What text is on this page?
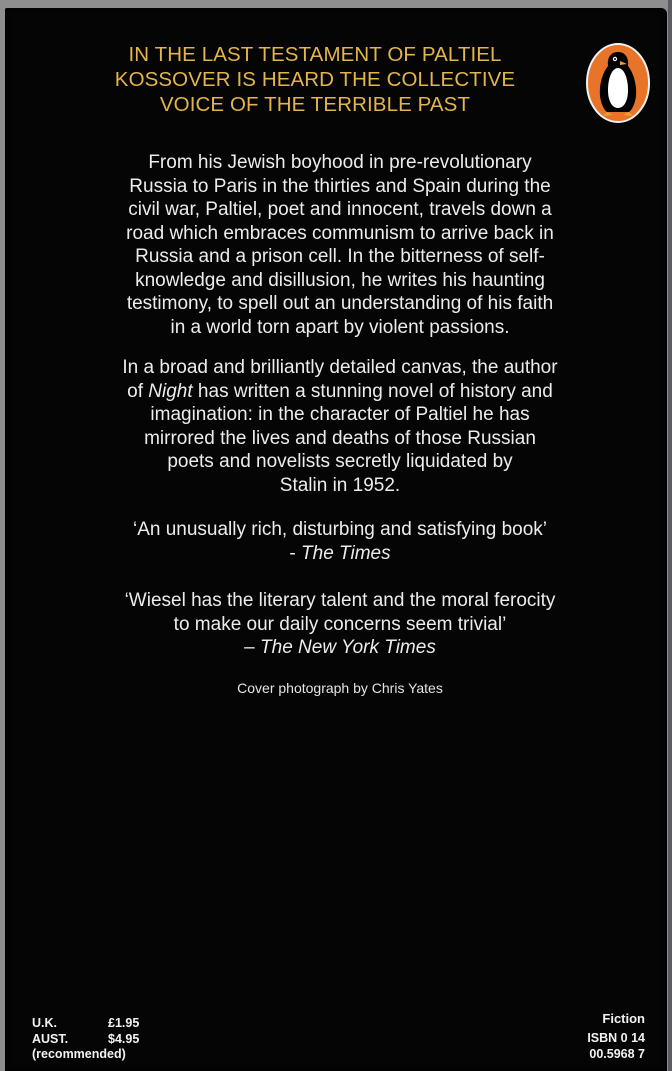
IN THE LAST TESTAMENT OF PALTIEL
KOSSOVER IS HEARD THE COLLECTIVE
VOICE OF THE TERRIBLE PAST
From his Jewish boyhood in pre-revolutionary
Russia to Paris in the thirties and Spain during the
civil war, Paltiel, poet and innocent, travels down a
road which embraces communism to arrive back in
Russia and a prison cell. In the bitterness of self-
knowledge and disillusion, he writes his haunting
testimony, to spell out an understanding of his faith
in a world torn apart by violent passions.
In a broad and brilliantly detailed canvas, the author
of Night has written a stunning novel of history and
imagination: in the character of Paltiel he has
mirrored the lives and deaths of those Russian
poets and novelists secretly liquidated by
Stalin in 1952.
‘An unusually rich, disturbing and satisfying book’
- The Times
‘Wiesel has the literary talent and the moral ferocity
to make our daily concerns seem trivial’
– The New York Times
Cover photograph by Chris Yates
U.K.	£1.95
AUST.	$4.95
(recommended)
Fiction
ISBN 0 14
00.5968 7
